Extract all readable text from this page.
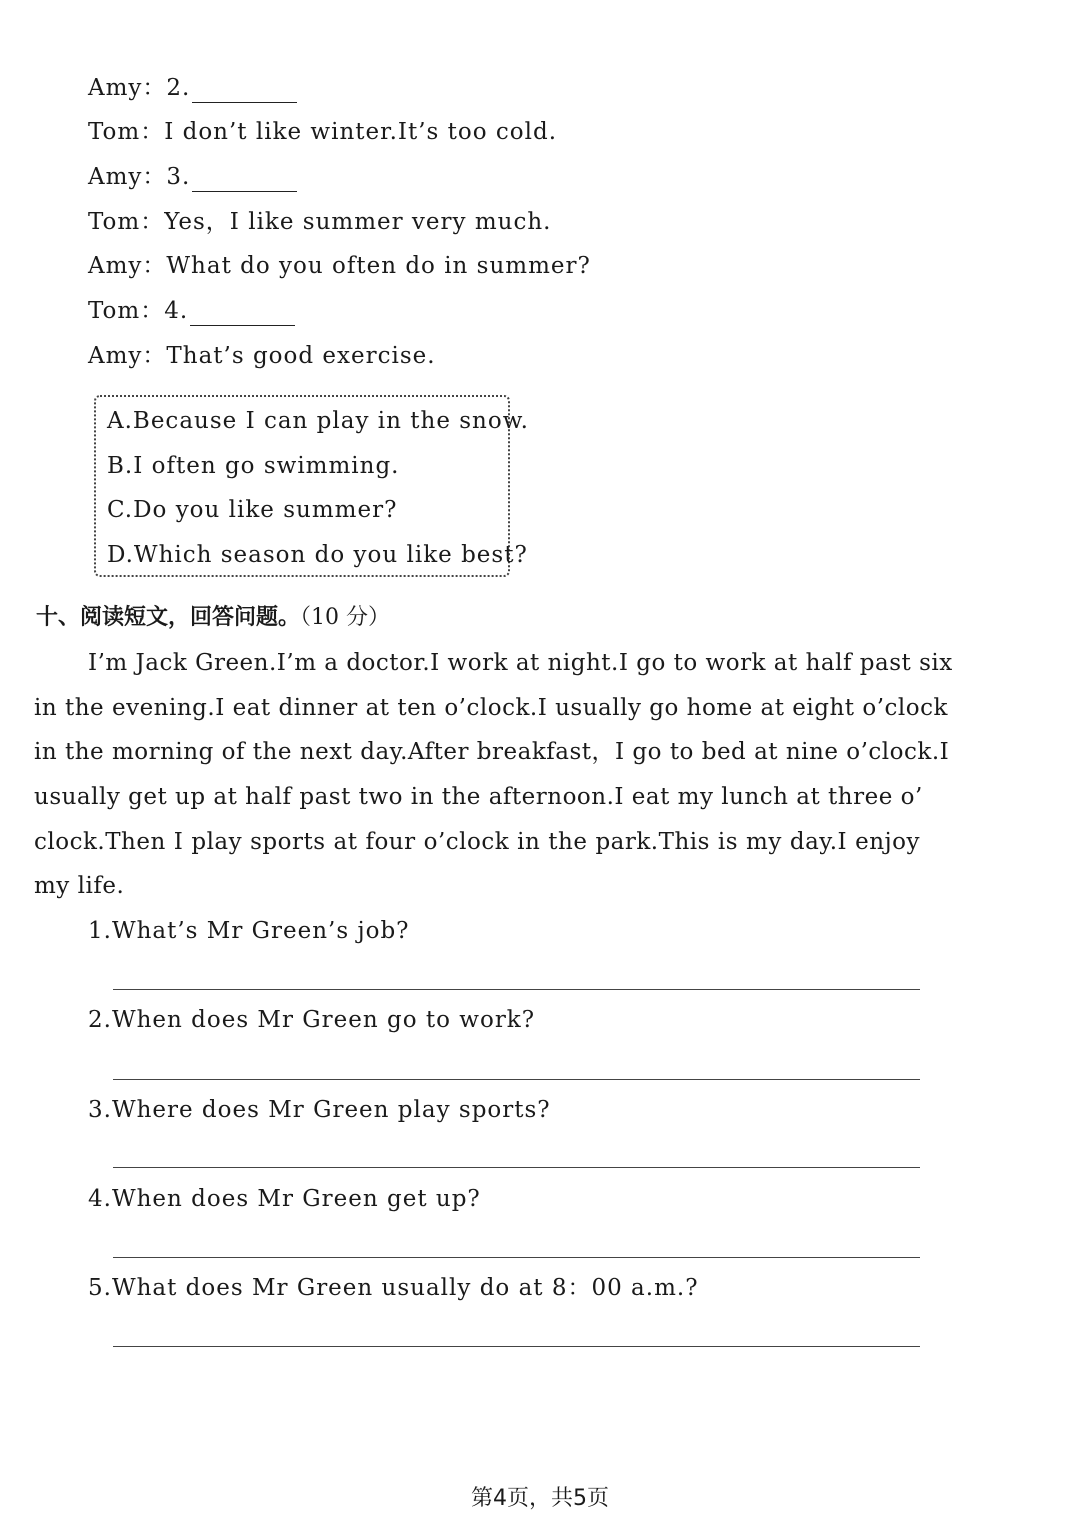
Amy：2.
Tom：I don’t like winter.It’s too cold.
Amy：3.
Tom：Yes，I like summer very much.
Amy：What do you often do in summer?
Tom：4.
Amy：That’s good exercise.
A.Because I can play in the snow.
B.I often go swimming.
C.Do you like summer?
D.Which season do you like best?
十、阅读短文，回答问题。（10 分）
I’m Jack Green.I’m a doctor.I work at night.I go to work at half past six
in the evening.I eat dinner at ten o’clock.I usually go home at eight o’clock
in the morning of the next day.After breakfast，I go to bed at nine o’clock.I
usually get up at half past two in the afternoon.I eat my lunch at three o’
clock.Then I play sports at four o’clock in the park.This is my day.I enjoy
my life.
1.What’s Mr Green’s job?
2.When does Mr Green go to work?
3.Where does Mr Green play sports?
4.When does Mr Green get up?
5.What does Mr Green usually do at 8：00 a.m.?
第4页，共5页
